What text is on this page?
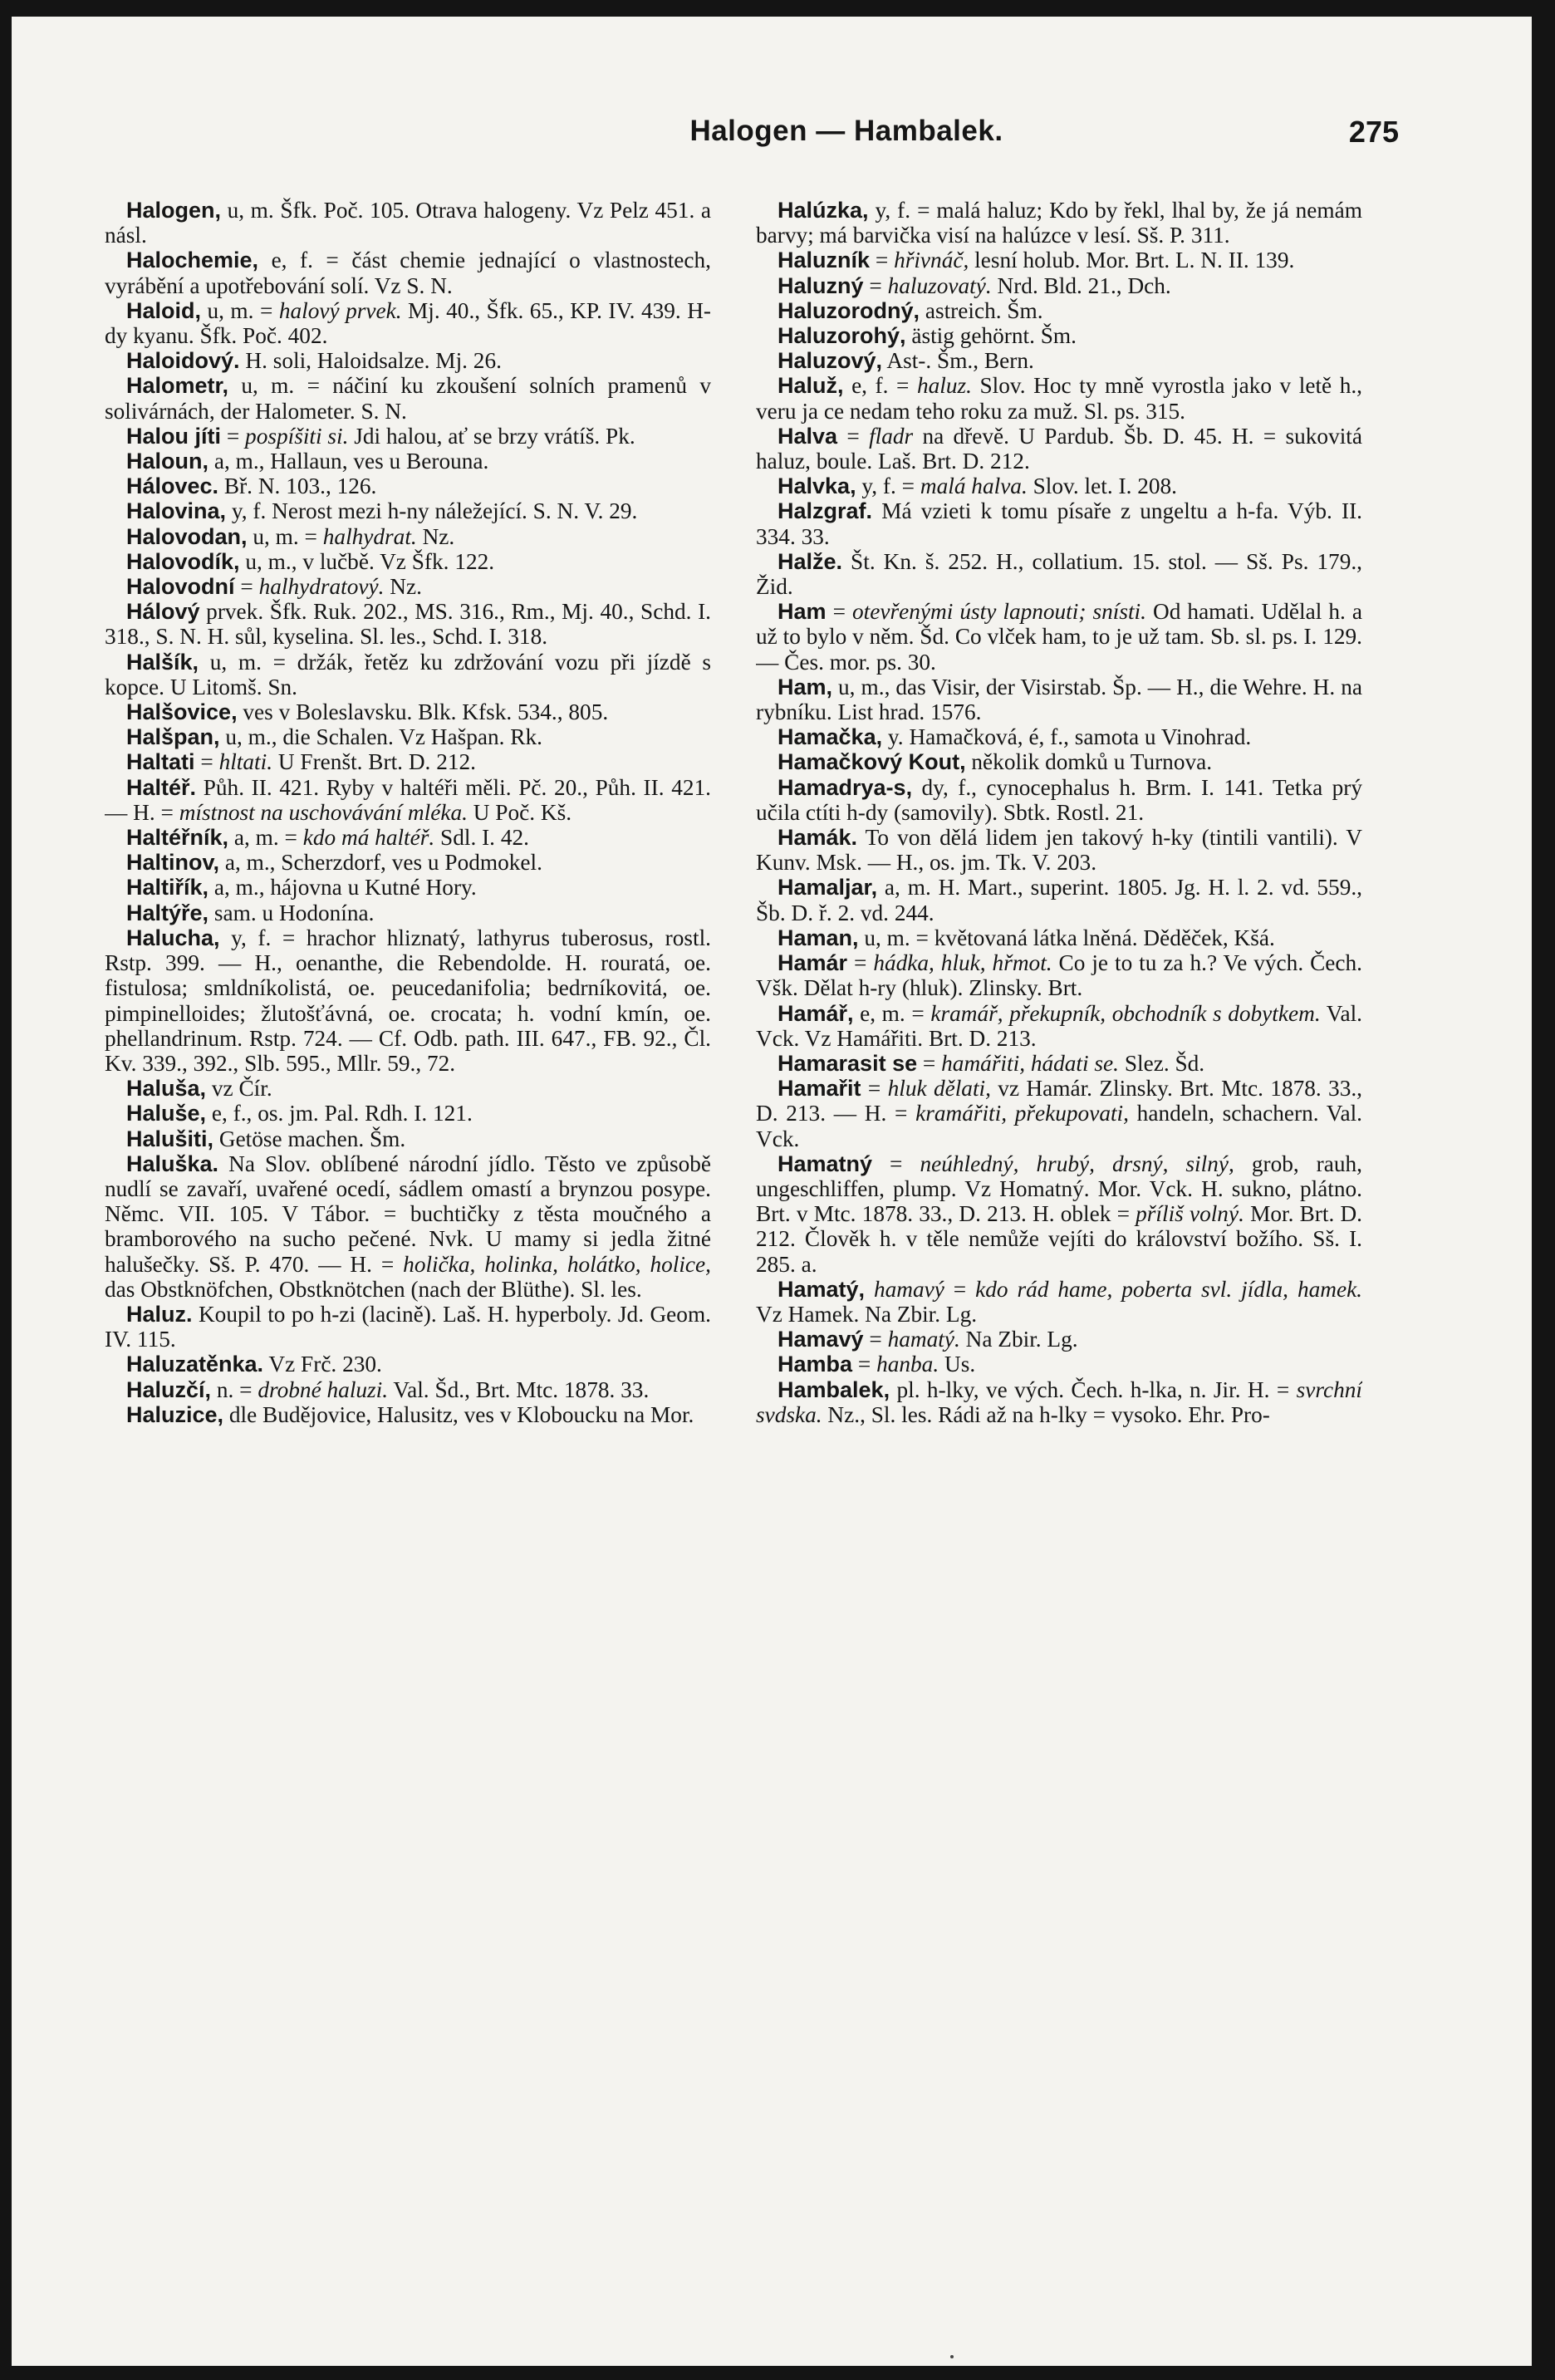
Halogen — Hambalek.	275

Halogen, u, m. Šfk. Poč. 105. Otrava halogeny. Vz Pelz 451. a násl.

Halochemie, e, f. = část chemie jednající o vlastnostech, vyrábění a upotřebování solí. Vz S. N.

Haloid, u, m. = halový prvek. Mj. 40., Šfk. 65., KP. IV. 439. H-dy kyanu. Šfk. Poč. 402.

Haloidový. H. soli, Haloidsalze. Mj. 26.

Halometr, u, m. = náčiní ku zkoušení solních pramenů v solivárnách, der Halometer. S. N.

Halou jíti = pospíšiti si. Jdi halou, ať se brzy vrátíš. Pk.

Haloun, a, m., Hallaun, ves u Berouna.

Hálovec. Bř. N. 103., 126.

Halovina, y, f. Nerost mezi h-ny náležející. S. N. V. 29.

Halovodan, u, m. = halhydrat. Nz.

Halovodík, u, m., v lučbě. Vz Šfk. 122.

Halovodní = halhydratový. Nz.

Hálový prvek. Šfk. Ruk. 202., MS. 316., Rm., Mj. 40., Schd. I. 318., S. N. H. sůl, kyselina. Sl. les., Schd. I. 318.

Halšík, u, m. = držák, řetěz ku zdržování vozu při jízdě s kopce. U Litomš. Sn.

Halšovice, ves v Boleslavsku. Blk. Kfsk. 534., 805.

Halšpan, u, m., die Schalen. Vz Hašpan. Rk.

Haltati = hltati. U Frenšt. Brt. D. 212.

Haltéř. Půh. II. 421. Ryby v haltéři měli. Pč. 20., Půh. II. 421. — H. = místnost na uschovávání mléka. U Poč. Kš.

Haltéřník, a, m. = kdo má haltéř. Sdl. I. 42.

Haltinov, a, m., Scherzdorf, ves u Podmokel.

Haltiřík, a, m., hájovna u Kutné Hory.

Haltýře, sam. u Hodonína.

Halucha, y, f. = hrachor hliznatý, lathyrus tuberosus, rostl. Rstp. 399. — H., oenanthe, die Rebendolde. H. rouratá, oe. fistulosa; smldníkolistá, oe. peucedanifolia; bedrníkovitá, oe. pimpinelloides; žlutošťávná, oe. crocata; h. vodní kmín, oe. phellandrinum. Rstp. 724. — Cf. Odb. path. III. 647., FB. 92., Čl. Kv. 339., 392., Slb. 595., Mllr. 59., 72.

Haluša, vz Čír.

Haluše, e, f., os. jm. Pal. Rdh. I. 121.

Halušiti, Getöse machen. Šm.

Haluška. Na Slov. oblíbené národní jídlo. Těsto ve způsobě nudlí se zavaří, uvařené ocedí, sádlem omastí a brynzou posype. Němc. VII. 105. V Tábor. = buchtičky z těsta moučného a bramborového na sucho pečené. Nvk. U mamy si jedla žitné halušečky. Sš. P. 470. — H. = holička, holinka, holátko, holice, das Obstknöfchen, Obstknötchen (nach der Blüthe). Sl. les.

Haluz. Koupil to po h-zi (lacině). Laš. H. hyperboly. Jd. Geom. IV. 115.

Haluzatěnka. Vz Frč. 230.

Haluzčí, n. = drobné haluzi. Val. Šd., Brt. Mtc. 1878. 33.

Haluzice, dle Budějovice, Halusitz, ves v Kloboucku na Mor.

Halúzka, y, f. = malá haluz; Kdo by řekl, lhal by, že já nemám barvy; má barvička visí na halúzce v lesí. Sš. P. 311.

Haluzník = hřivnáč, lesní holub. Mor. Brt. L. N. II. 139.

Haluzný = haluzovatý. Nrd. Bld. 21., Dch.

Haluzorodný, astreich. Šm.

Haluzorohý, ästig gehörnt. Šm.

Haluzový, Ast-. Šm., Bern.

Haluž, e, f. = haluz. Slov. Hoc ty mně vyrostla jako v letě h., veru ja ce nedam teho roku za muž. Sl. ps. 315.

Halva = fladr na dřevě. U Pardub. Šb. D. 45. H. = sukovitá haluz, boule. Laš. Brt. D. 212.

Halvka, y, f. = malá halva. Slov. let. I. 208.

Halzgraf. Má vzieti k tomu písaře z ungeltu a h-fa. Výb. II. 334. 33.

Halže. Št. Kn. š. 252. H., collatium. 15. stol. — Sš. Ps. 179., Žid.

Ham = otevřenými ústy lapnouti; snísti. Od hamati. Udělal h. a už to bylo v něm. Šd. Co vlček ham, to je už tam. Sb. sl. ps. I. 129. — Čes. mor. ps. 30.

Ham, u, m., das Visir, der Visirstab. Šp. — H., die Wehre. H. na rybníku. List hrad. 1576.

Hamačka, y. Hamačková, é, f., samota u Vinohrad.

Hamačkový Kout, několik domků u Turnova.

Hamadrya-s, dy, f., cynocephalus h. Brm. I. 141. Tetka prý učila ctíti h-dy (samovily). Sbtk. Rostl. 21.

Hamák. To von dělá lidem jen takový h-ky (tintili vantili). V Kunv. Msk. — H., os. jm. Tk. V. 203.

Hamaljar, a, m. H. Mart., superint. 1805. Jg. H. l. 2. vd. 559., Šb. D. ř. 2. vd. 244.

Haman, u, m. = květovaná látka lněná. Děděček, Kšá.

Hamár = hádka, hluk, hřmot. Co je to tu za h.? Ve vých. Čech. Všk. Dělat h-ry (hluk). Zlinsky. Brt.

Hamář, e, m. = kramář, překupník, obchodník s dobytkem. Val. Vck. Vz Hamářiti. Brt. D. 213.

Hamarasit se = hamářiti, hádati se. Slez. Šd.

Hamařit = hluk dělati, vz Hamár. Zlinsky. Brt. Mtc. 1878. 33., D. 213. — H. = kramářiti, překupovati, handeln, schachern. Val. Vck.

Hamatný = neúhledný, hrubý, drsný, silný, grob, rauh, ungeschliffen, plump. Vz Homatný. Mor. Vck. H. sukno, plátno. Brt. v Mtc. 1878. 33., D. 213. H. oblek = příliš volný. Mor. Brt. D. 212. Člověk h. v těle nemůže vejíti do království božího. Sš. I. 285. a.

Hamatý, hamavý = kdo rád hame, poberta svl. jídla, hamek. Vz Hamek. Na Zbir. Lg.

Hamavý = hamatý. Na Zbir. Lg.

Hamba = hanba. Us.

Hambalek, pl. h-lky, ve vých. Čech. h-lka, n. Jir. H. = svrchní svdska. Nz., Sl. les. Rádi až na h-lky = vysoko. Ehr. Pro-
